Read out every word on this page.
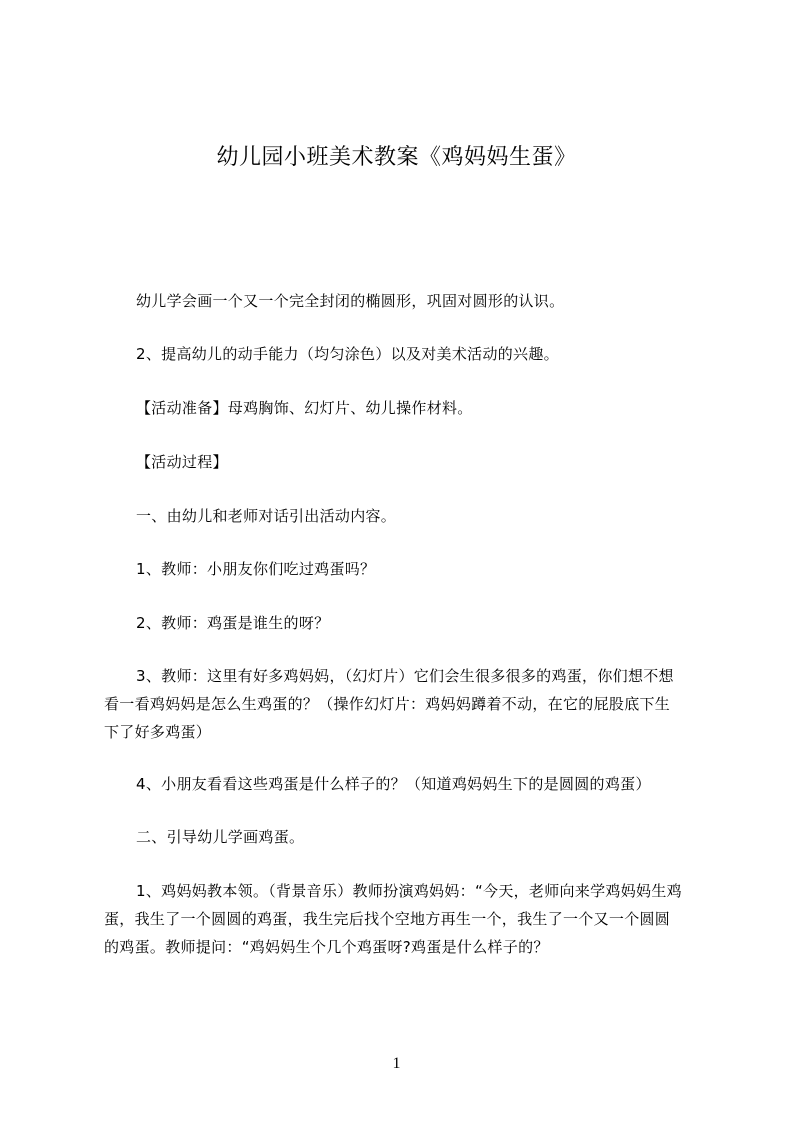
幼儿园小班美术教案《鸡妈妈生蛋》

幼儿学会画一个又一个完全封闭的椭圆形，巩固对圆形的认识。

2、提高幼儿的动手能力（均匀涂色）以及对美术活动的兴趣。

【活动准备】母鸡胸饰、幻灯片、幼儿操作材料。

【活动过程】

一、由幼儿和老师对话引出活动内容。

1、教师：小朋友你们吃过鸡蛋吗？

2、教师：鸡蛋是谁生的呀？

3、教师：这里有好多鸡妈妈，（幻灯片）它们会生很多很多的鸡蛋，你们想不想
看一看鸡妈妈是怎么生鸡蛋的？（操作幻灯片：鸡妈妈蹲着不动，在它的屁股底下生
下了好多鸡蛋）

4、小朋友看看这些鸡蛋是什么样子的？（知道鸡妈妈生下的是圆圆的鸡蛋）

二、引导幼儿学画鸡蛋。

1、鸡妈妈教本领。（背景音乐）教师扮演鸡妈妈：“今天，老师向来学鸡妈妈生鸡
蛋，我生了一个圆圆的鸡蛋，我生完后找个空地方再生一个，我生了一个又一个圆圆
的鸡蛋。教师提问：“鸡妈妈生个几个鸡蛋呀?鸡蛋是什么样子的？

1
